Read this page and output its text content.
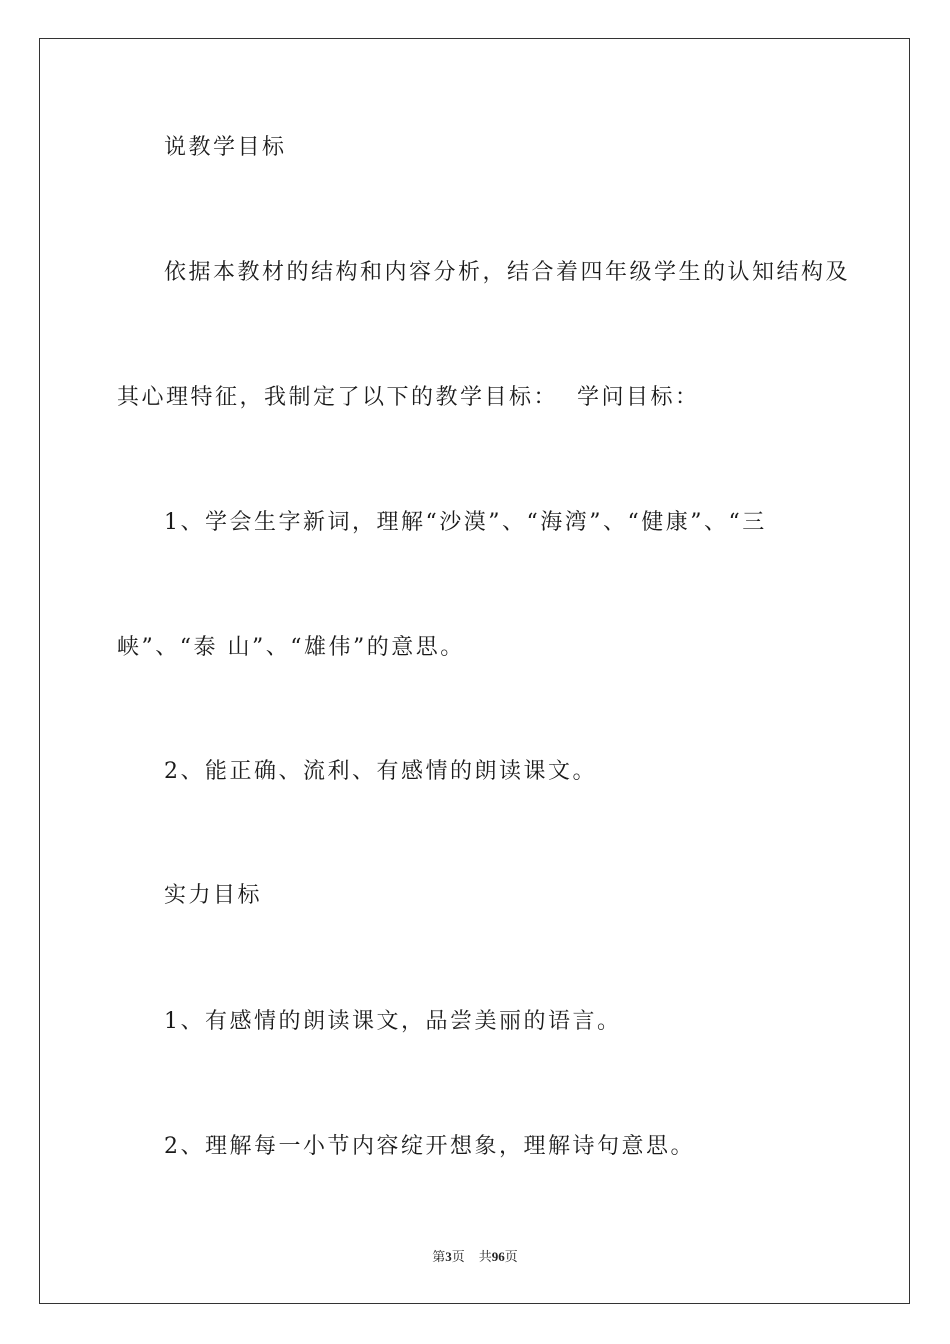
说教学目标
依据本教材的结构和内容分析，结合着四年级学生的认知结构及
其心理特征，我制定了以下的教学目标：  学问目标：
1、学会生字新词，理解“沙漠”、“海湾”、“健康”、“三
峡”、“泰 山”、“雄伟”的意思。
2、能正确、流利、有感情的朗读课文。
实力目标
1、有感情的朗读课文，品尝美丽的语言。
2、理解每一小节内容绽开想象，理解诗句意思。
第3页 共96页
